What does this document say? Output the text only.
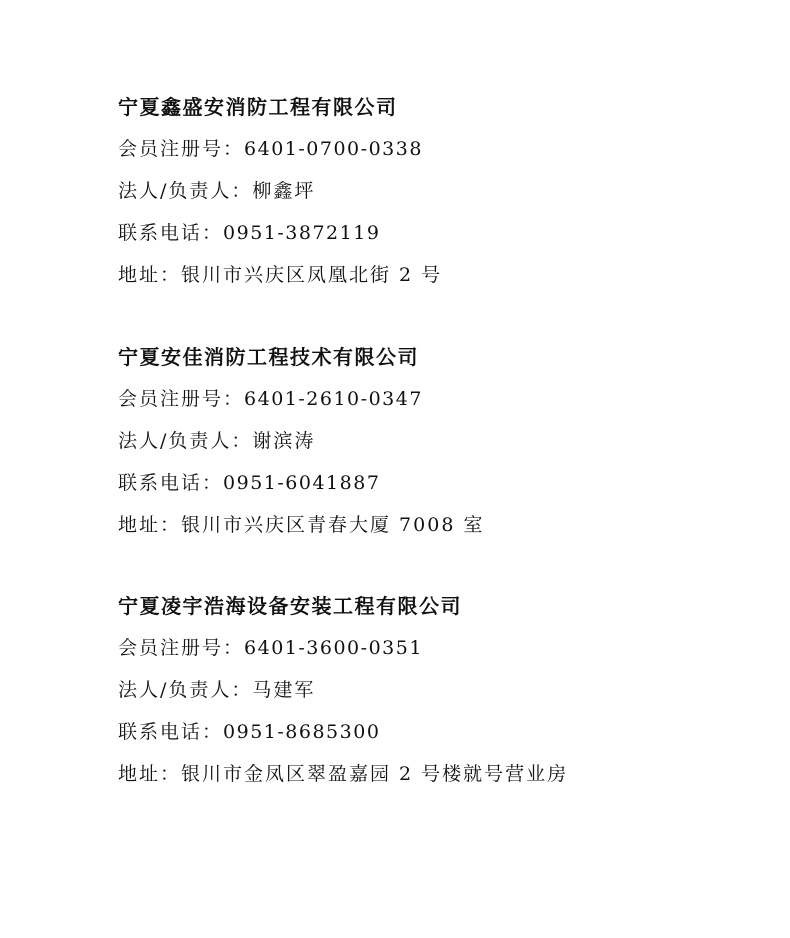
宁夏鑫盛安消防工程有限公司
会员注册号：6401-0700-0338
法人/负责人：柳鑫坪
联系电话：0951-3872119
地址：银川市兴庆区凤凰北街 2 号
宁夏安佳消防工程技术有限公司
会员注册号：6401-2610-0347
法人/负责人：谢滨涛
联系电话：0951-6041887
地址：银川市兴庆区青春大厦 7008 室
宁夏凌宇浩海设备安装工程有限公司
会员注册号：6401-3600-0351
法人/负责人：马建军
联系电话：0951-8685300
地址：银川市金凤区翠盈嘉园 2 号楼就号营业房
